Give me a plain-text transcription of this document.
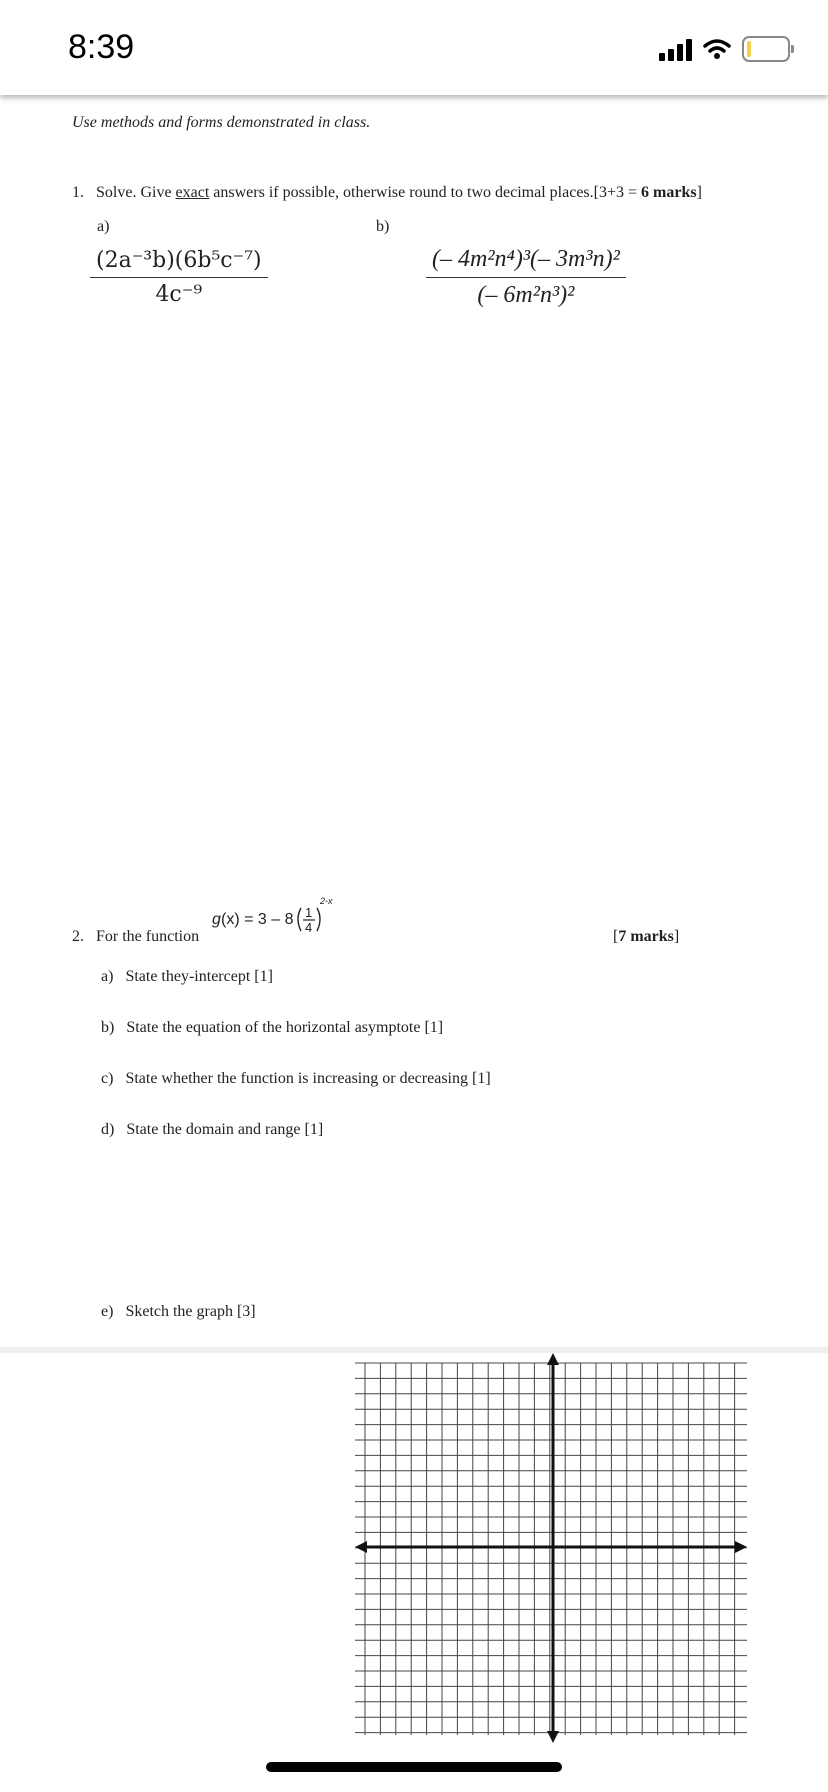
8:39
Use methods and forms demonstrated in class.
1. Solve. Give exact answers if possible, otherwise round to two decimal places.[3+3 = 6 marks]
a)	b)
$\frac{\text{(2a⁻³b)(6b⁵c⁻⁷)}}{\text{4c⁻⁹}}$	$\frac{\text{(– 4m²n⁴)³(– 3m³n)²}}{\text{(– 6m²n³)²}}$
2. For the function
g (x) = 3 – 8 1
4
2-x
[7 marks]
a) State they-intercept [1]
b) State the equation of the horizontal asymptote [1]
c) State whether the function is increasing or decreasing [1]
d) State the domain and range [1]
e) Sketch the graph [3]
